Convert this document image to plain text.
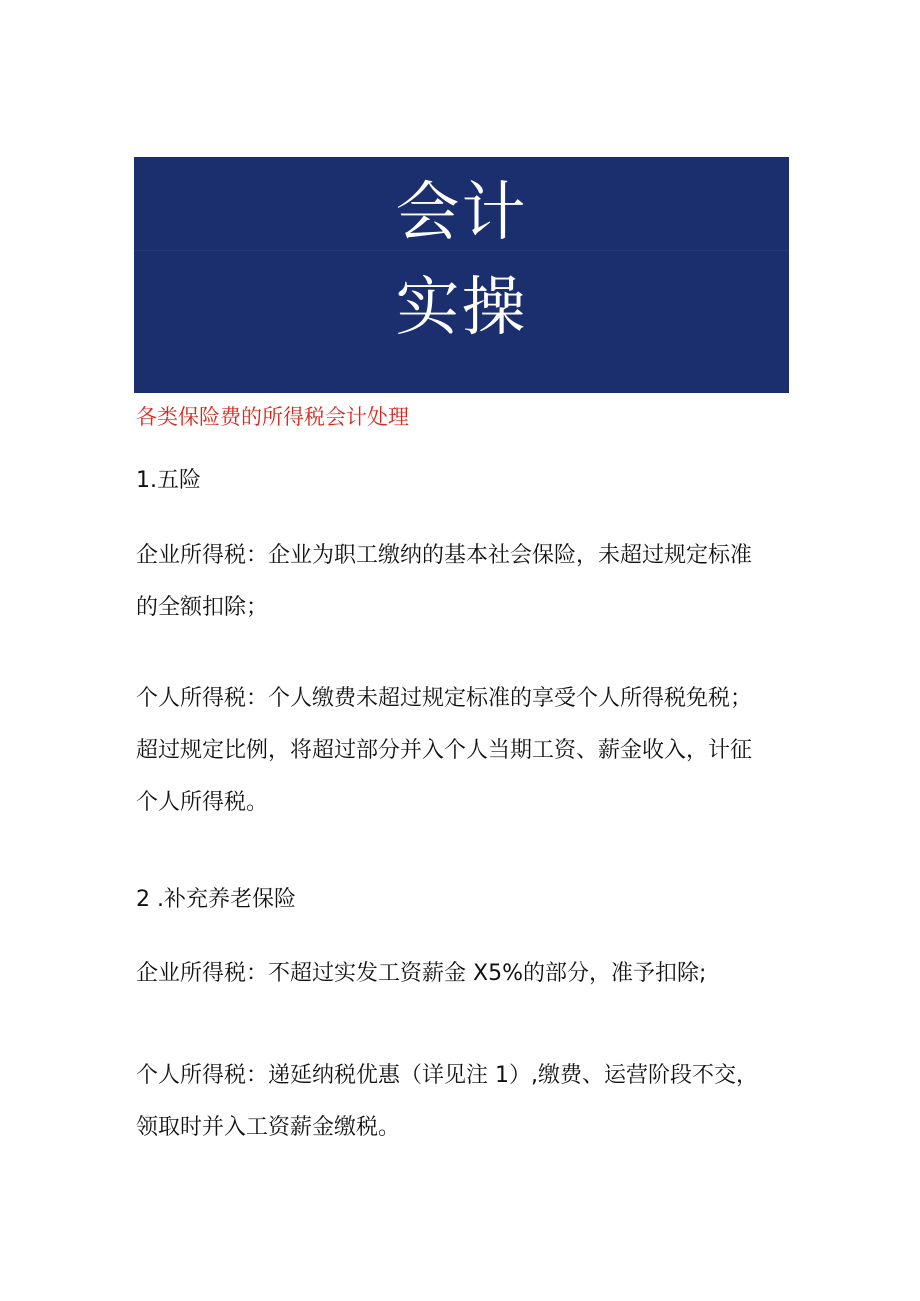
会计
实操
各类保险费的所得税会计处理
1.五险
企业所得税：企业为职工缴纳的基本社会保险，未超过规定标准
的全额扣除；
个人所得税：个人缴费未超过规定标准的享受个人所得税免税；
超过规定比例，将超过部分并入个人当期工资、薪金收入，计征
个人所得税。
2 .补充养老保险
企业所得税：不超过实发工资薪金 X5%的部分，准予扣除;
个人所得税：递延纳税优惠（详见注 1）,缴费、运营阶段不交，
领取时并入工资薪金缴税。
